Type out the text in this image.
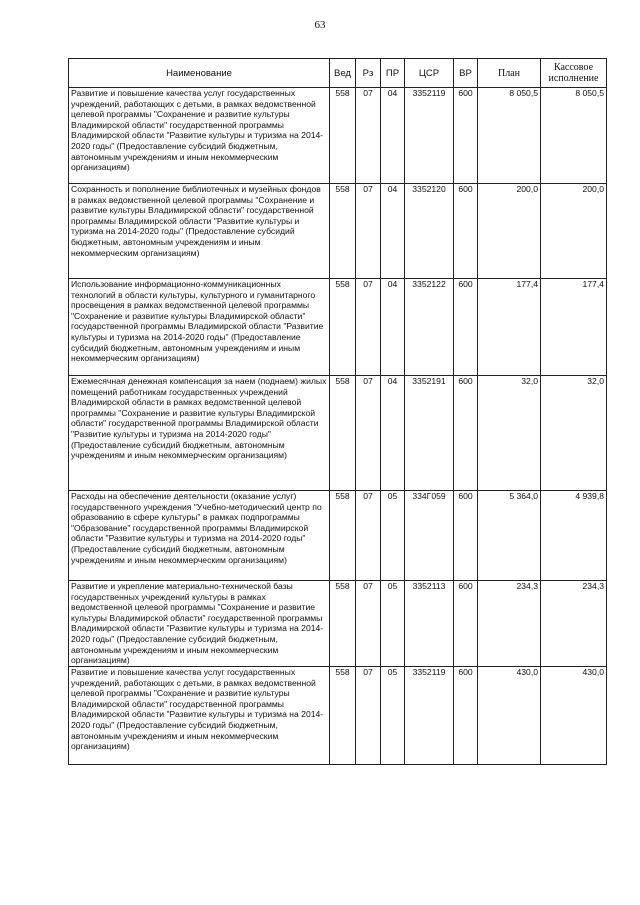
63
Наименование	Вед	Рз	ПР	ЦСР	ВР	План	Кассовое исполнение
Развитие и повышение качества услуг государственных учреждений, работающих с детьми, в рамках ведомственной целевой программы "Сохранение и развитие культуры Владимирской области" государственной программы Владимирской области "Развитие культуры и туризма на 2014-2020 годы" (Предоставление субсидий бюджетным, автономным учреждениям и иным некоммерческим организациям)	558	07	04	3352119	600	8 050,5	8 050,5
Сохранность и пополнение библиотечных и музейных фондов в рамках ведомственной целевой программы "Сохранение и развитие культуры Владимирской области" государственной программы Владимирской области "Развитие культуры и туризма на 2014-2020 годы" (Предоставление субсидий бюджетным, автономным учреждениям и иным некоммерческим организациям)	558	07	04	3352120	600	200,0	200,0
Использование информационно-коммуникационных технологий в области культуры, культурного и гуманитарного просвещения в рамках ведомственной целевой программы "Сохранение и развитие культуры Владимирской области" государственной программы Владимирской области "Развитие культуры и туризма на 2014-2020 годы" (Предоставление субсидий бюджетным, автономным учреждениям и иным некоммерческим организациям)	558	07	04	3352122	600	177,4	177,4
Ежемесячная денежная компенсация за наем (поднаем) жилых помещений работникам государственных учреждений Владимирской области в рамках ведомственной целевой программы "Сохранение и развитие культуры Владимирской области" государственной программы Владимирской области "Развитие культуры и туризма на 2014-2020 годы" (Предоставление субсидий бюджетным, автономным учреждениям и иным некоммерческим организациям)	558	07	04	3352191	600	32,0	32,0
Расходы на обеспечение деятельности (оказание услуг) государственного учреждения "Учебно-методический центр по образованию в сфере культуры" в рамках подпрограммы "Образование" государственной программы Владимирской области "Развитие культуры и туризма на 2014-2020 годы" (Предоставление субсидий бюджетным, автономным учреждениям и иным некоммерческим организациям)	558	07	05	334Г059	600	5 364,0	4 939,8
Развитие и укрепление материально-технической базы государственных учреждений культуры в рамках ведомственной целевой программы "Сохранение и развитие культуры Владимирской области" государственной программы Владимирской области "Развитие культуры и туризма на 2014-2020 годы" (Предоставление субсидий бюджетным, автономным учреждениям и иным некоммерческим организациям)	558	07	05	3352113	600	234,3	234,3
Развитие и повышение качества услуг государственных учреждений, работающих с детьми, в рамках ведомственной целевой программы "Сохранение и развитие культуры Владимирской области" государственной программы Владимирской области "Развитие культуры и туризма на 2014-2020 годы" (Предоставление субсидий бюджетным, автономным учреждениям и иным некоммерческим организациям)	558	07	05	3352119	600	430,0	430,0
